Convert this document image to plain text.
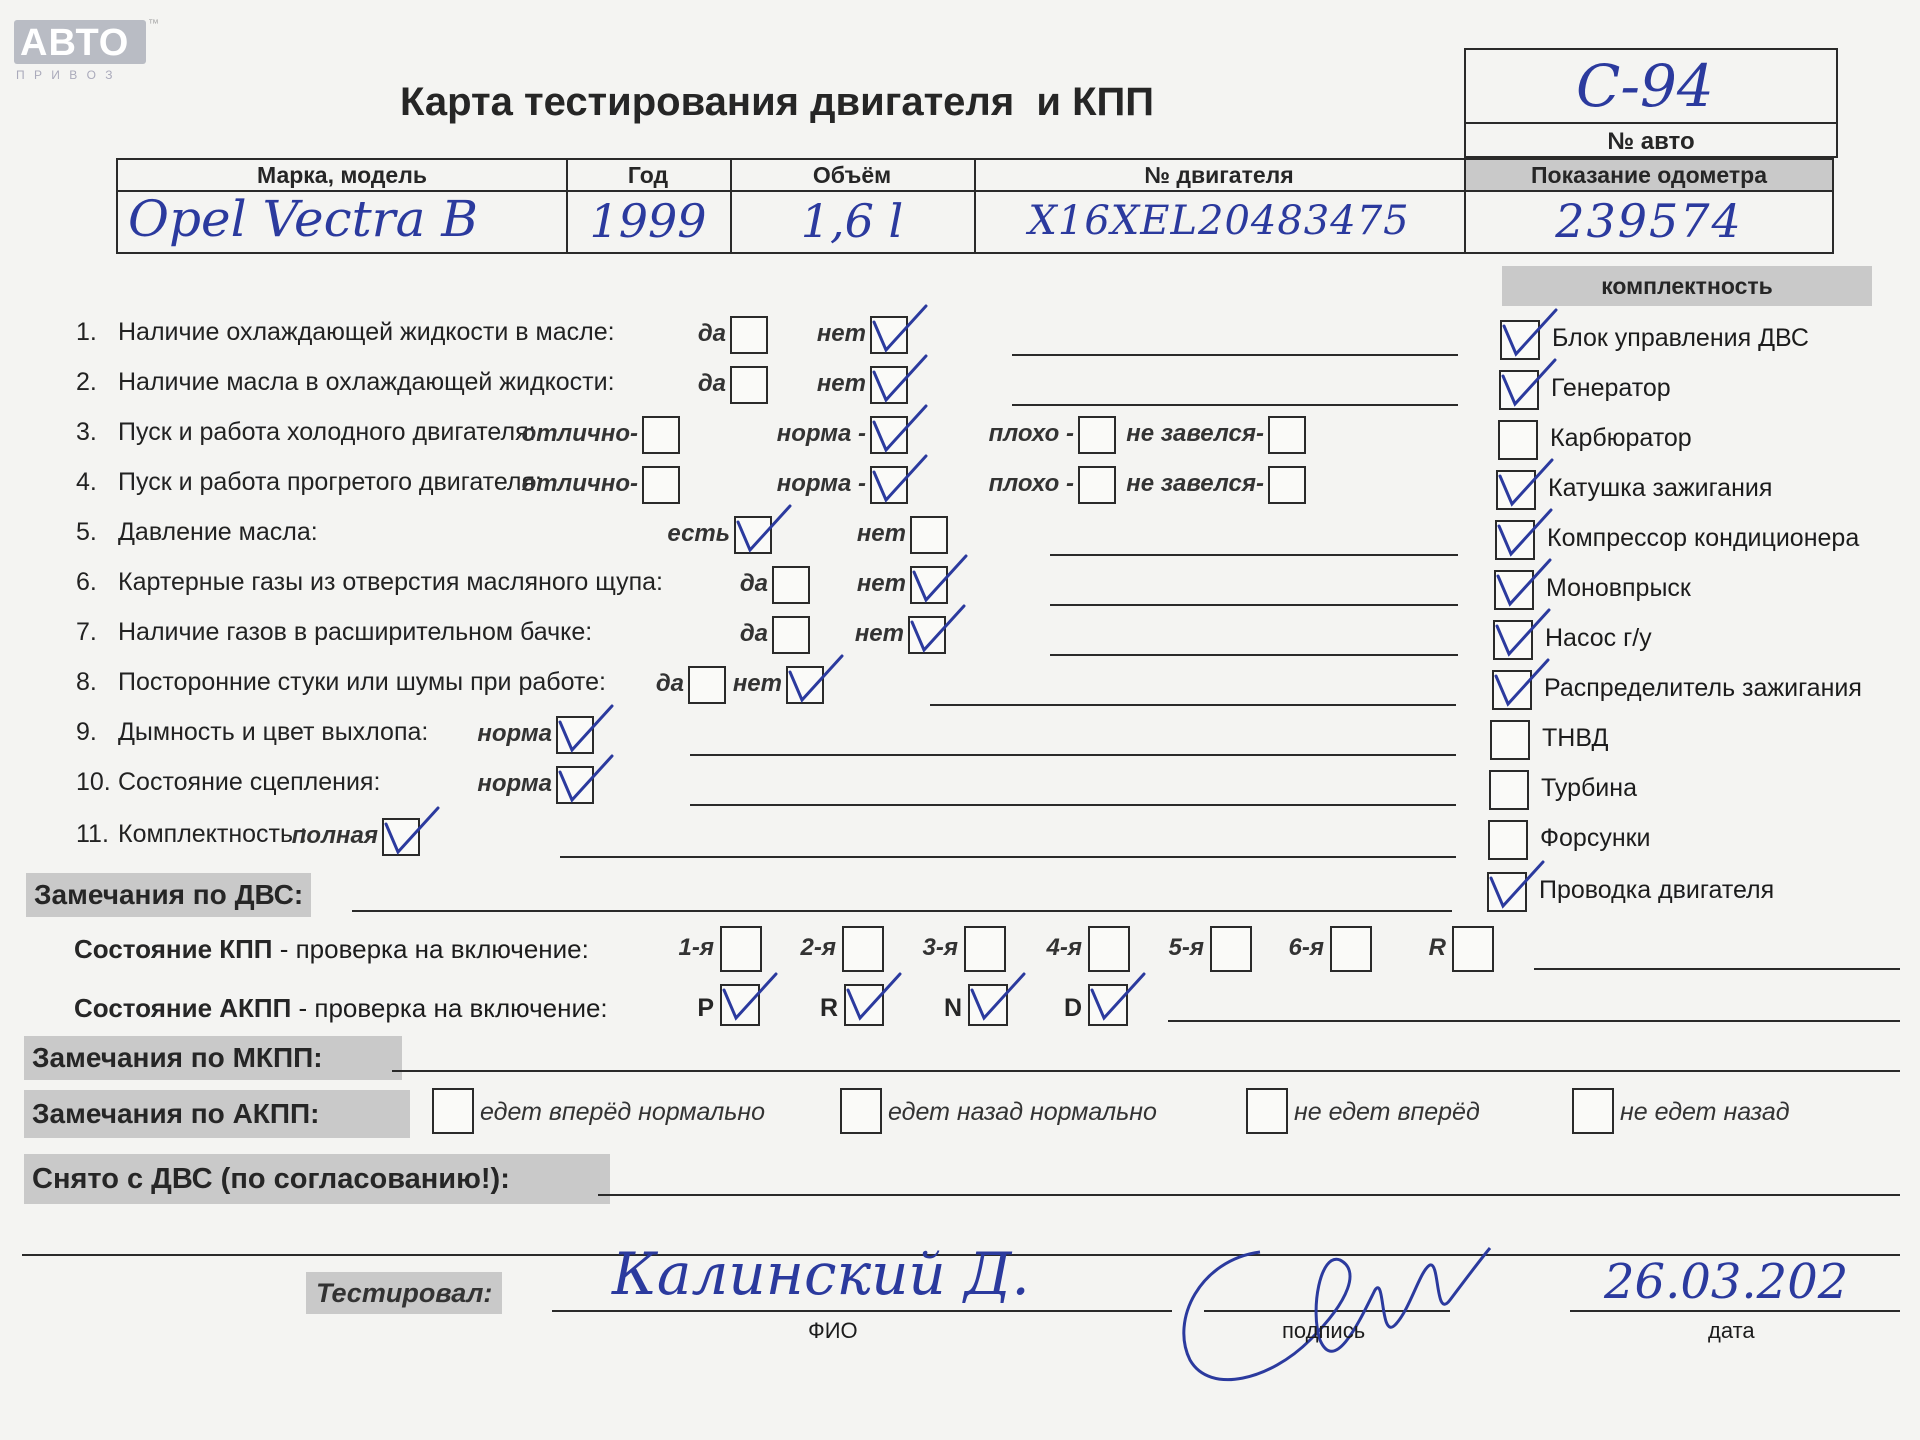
АВТО ™
П Р И В О З
Карта тестирования двигателя  и КПП	С-94
№ авто
Марка, модель	Год	Объём	№ двигателя	Показание одометра
Opel Vectra B	1999	1,6 l	X16XEL20483475	239574
комплектность
1. Наличие охлаждающей жидкости в масле:	да	нет
2. Наличие масла в охлаждающей жидкости:	да	нет
3. Пуск и работа холодного двигателя:
отлично-	норма -	плохо - не завелся-
4. Пуск и работа прогретого двигателя:
отлично-	норма -	плохо - не завелся-
5. Давление масла:	есть	нет
6. Картерные газы из отверстия масляного щупа:	да	нет
7. Наличие газов в расширительном бачке:	да	нет
8. Посторонние стуки или шумы при работе: да нет
9. Дымность и цвет выхлопа: норма
10. Состояние сцепления:	норма
11. Комплектность :
полная
Блок управления ДВС
Генератор
Карбюратор
Катушка зажигания
Компрессор кондиционера
Моновпрыск
Насос г/у
Распределитель зажигания
ТНВД
Турбина
Форсунки
Проводка двигателя
Замечания по ДВС:
Состояние КПП - проверка на включение:	1-я	2-я	3-я	4-я	5-я	6-я	R
Состояние АКПП - проверка на включение:	P	R	N	D
Замечания по МКПП:
Замечания по АКПП:	едет вперёд нормально	едет назад нормально	не едет вперёд	не едет назад
Снято с ДВС (по согласованию!):
Тестировал: Калинский Д.
ФИО	подпись
26.03.202
дата
